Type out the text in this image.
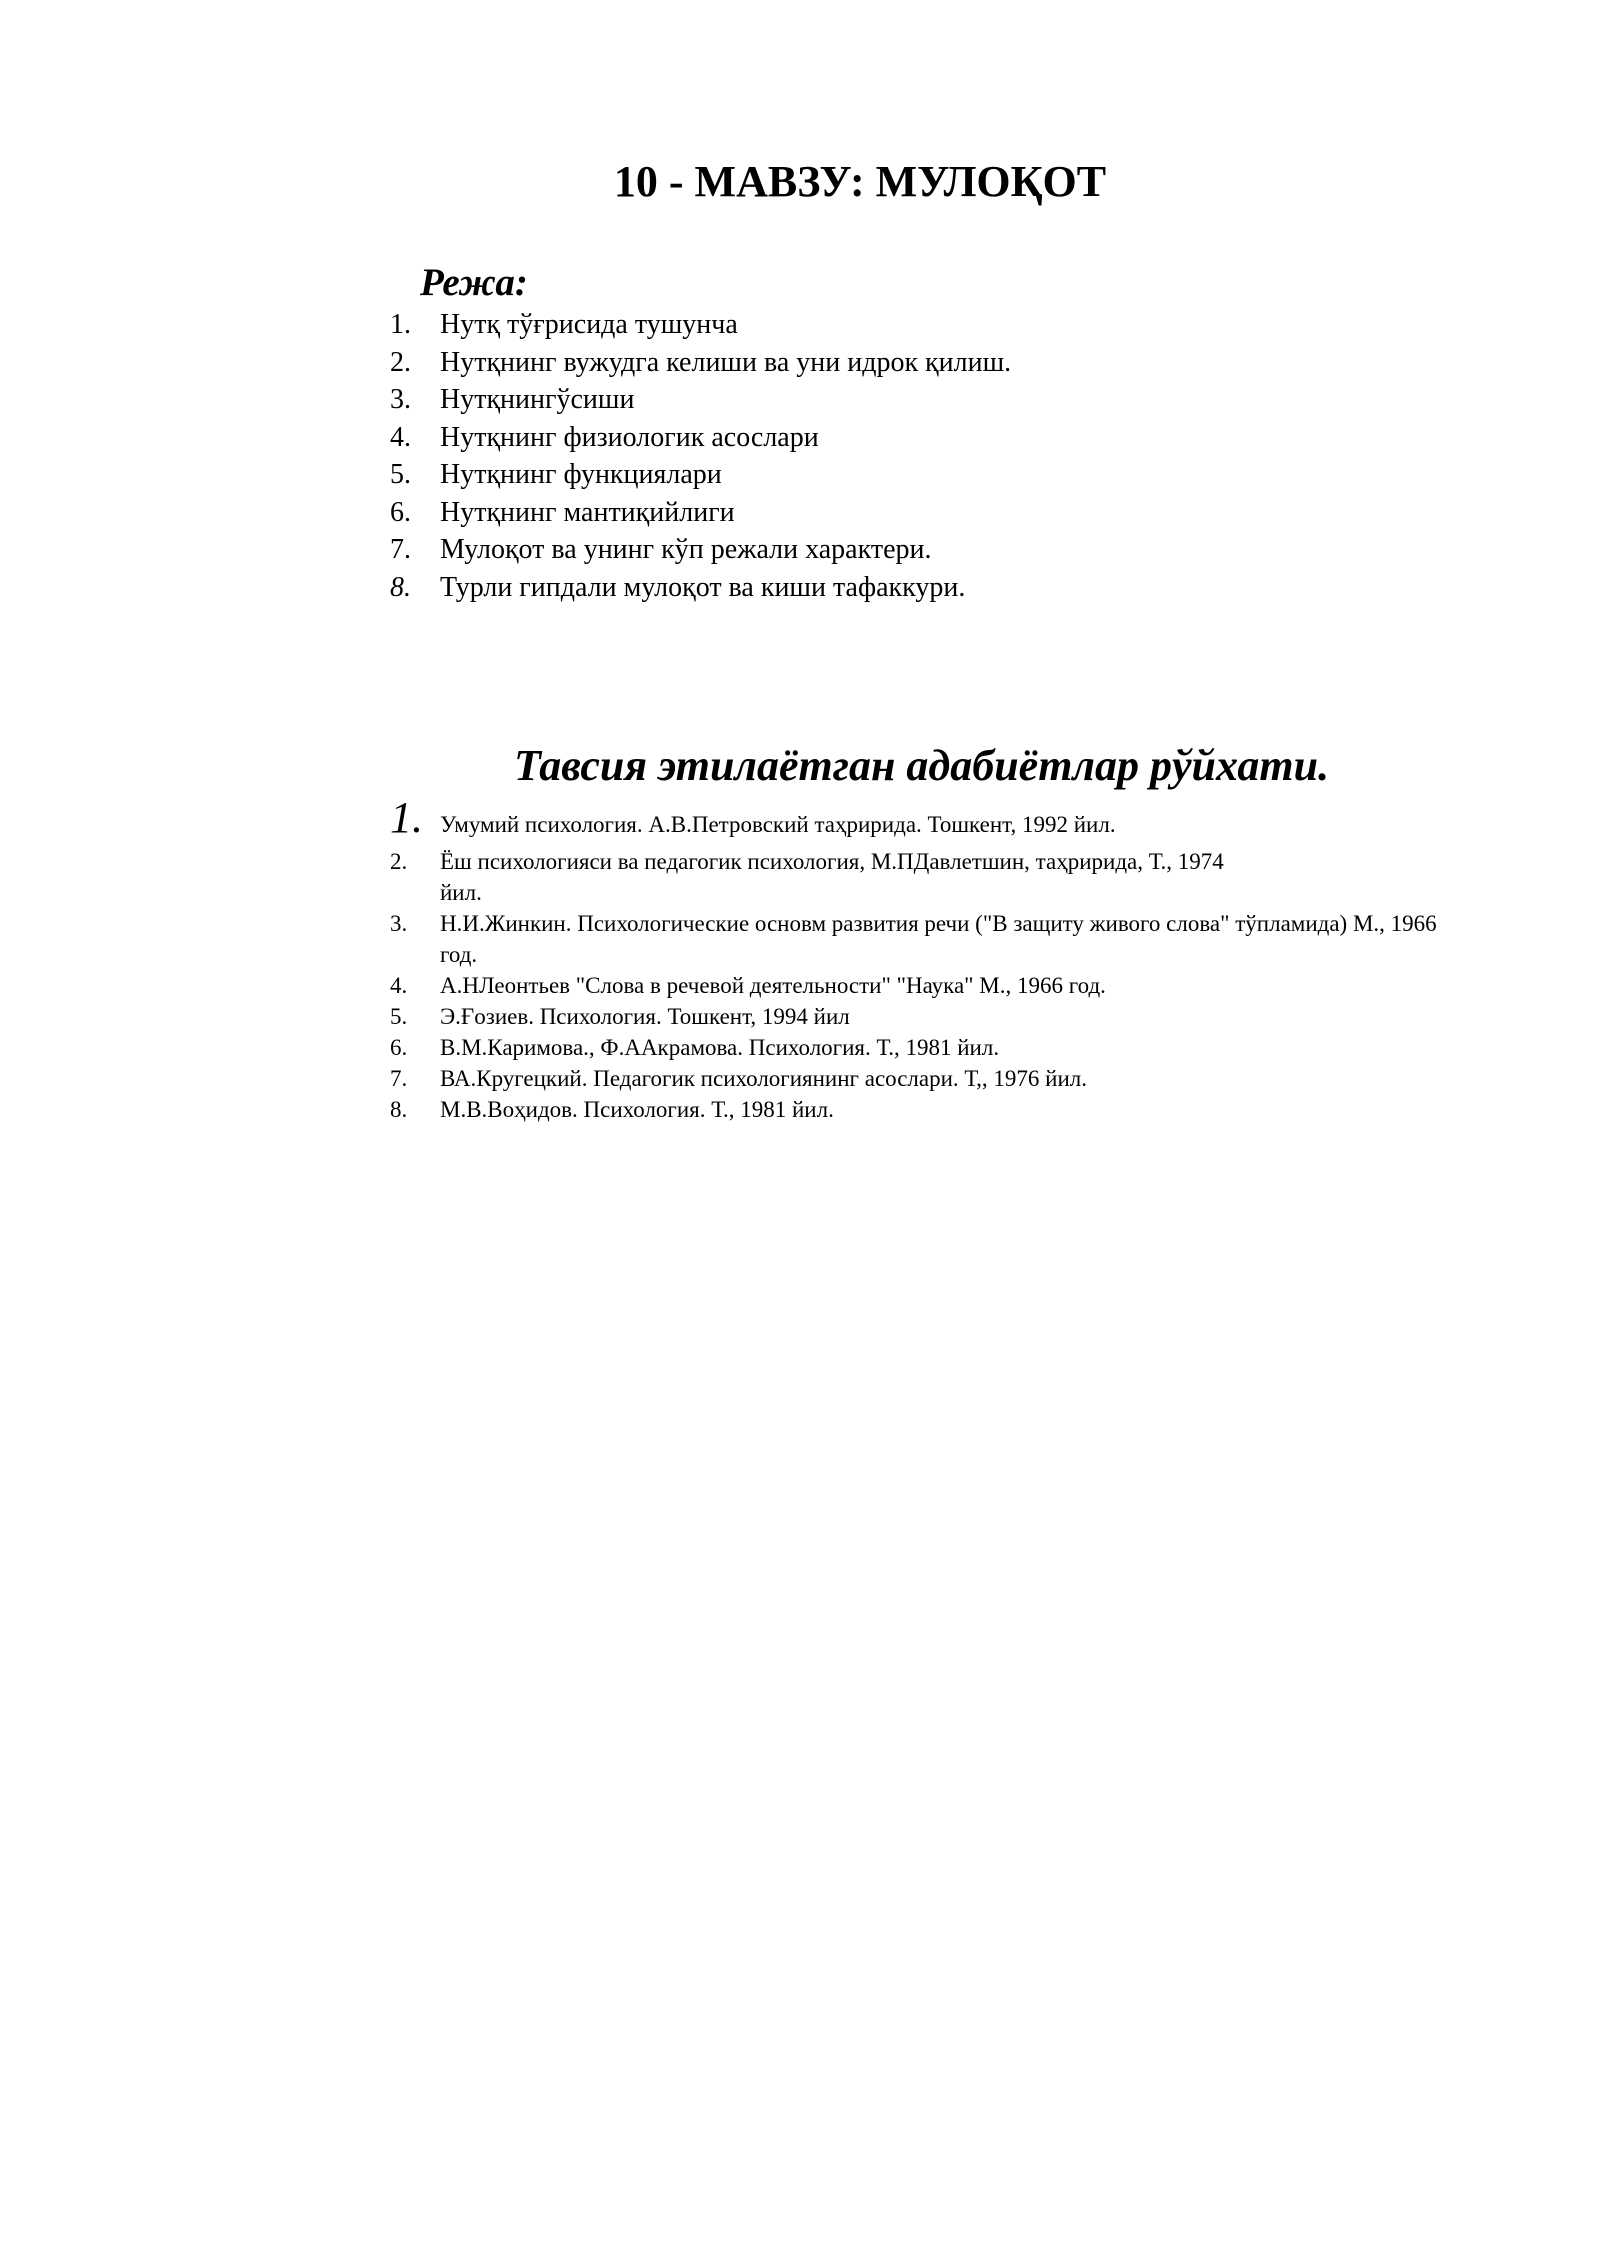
10 - МАВЗУ: МУЛОҚОТ
Режа:
1.	Нутқ тўғрисида тушунча
2.	Нутқнинг вужудга келиши ва уни идрок қилиш.
3.	Нутқнингўсиши
4.	Нутқнинг физиологик асослари
5.	Нутқнинг функциялари
6.	Нутқнинг мантиқийлиги
7.	Мулоқот ва унинг кўп режали характери.
8.	Турли гипдали мулоқот ва киши тафаккури.
Тавсия этилаётган адабиётлар рўйхати.
1. Умумий психология. А.В.Петровский таҳририда. Тошкент, 1992 йил.
2.	Ёш психологияси ва педагогик психология, М.ПДавлетшин, таҳририда, Т., 1974 йил.
3.	Н.И.Жинкин. Психологические основм развития речи ("В защиту живого слова" тўпламида) М., 1966 год.
4.	А.НЛеонтьев "Слова в речевой деятельности" "Наука" М., 1966 год.
5.	Э.Ғозиев. Психология. Тошкент, 1994 йил
6.	В.М.Каримова., Ф.ААкрамова. Психология. Т., 1981 йил.
7.	ВА.Кругецкий. Педагогик психологиянинг асослари. Т,, 1976 йил.
8.	М.В.Воҳидов. Психология. Т., 1981 йил.
